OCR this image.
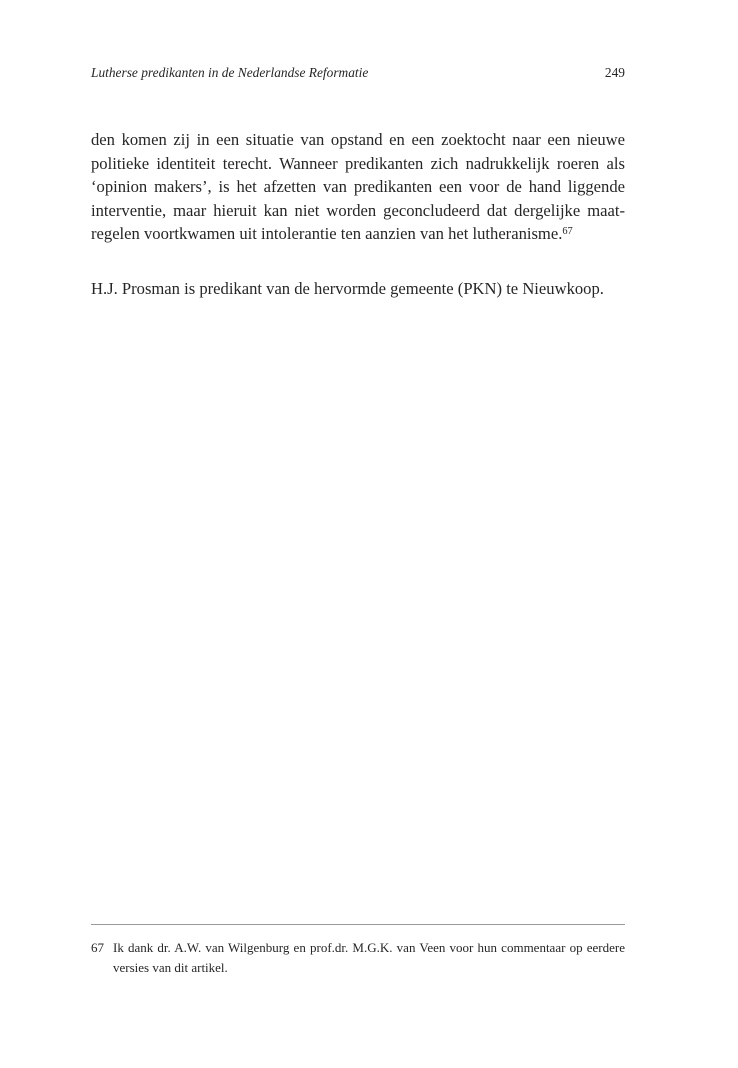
Lutherse predikanten in de Nederlandse Reformatie	249

den komen zij in een situatie van opstand en een zoektocht naar een nieuwe politieke identiteit terecht. Wanneer predikanten zich nadrukkelijk roeren als ‘opinion makers’, is het afzetten van predikanten een voor de hand liggende interventie, maar hieruit kan niet worden geconcludeerd dat dergelijke maatregelen voortkwamen uit intolerantie ten aanzien van het lutheranisme.$^{67}$

H.J. Prosman is predikant van de hervormde gemeente (PKN) te Nieuwkoop.

67 Ik dank dr. A.W. van Wilgenburg en prof.dr. M.G.K. van Veen voor hun commentaar op eerdere versies van dit artikel.
